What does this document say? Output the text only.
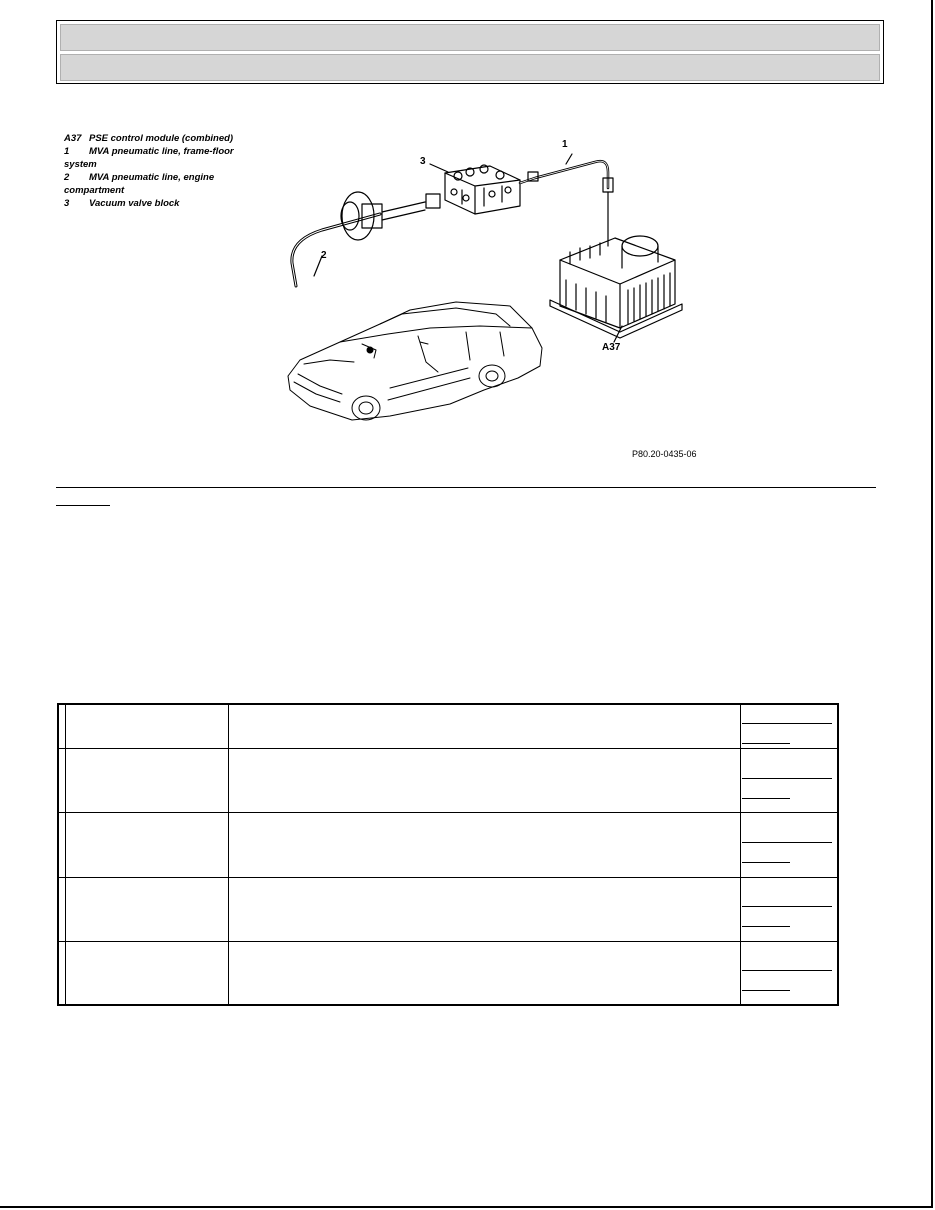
A37 PSE control module (combined)
1 MVA pneumatic line, frame-floor system
2 MVA pneumatic line, engine compartment
3 Vacuum valve block
1
3
2
A37
P80.20-0435-06
